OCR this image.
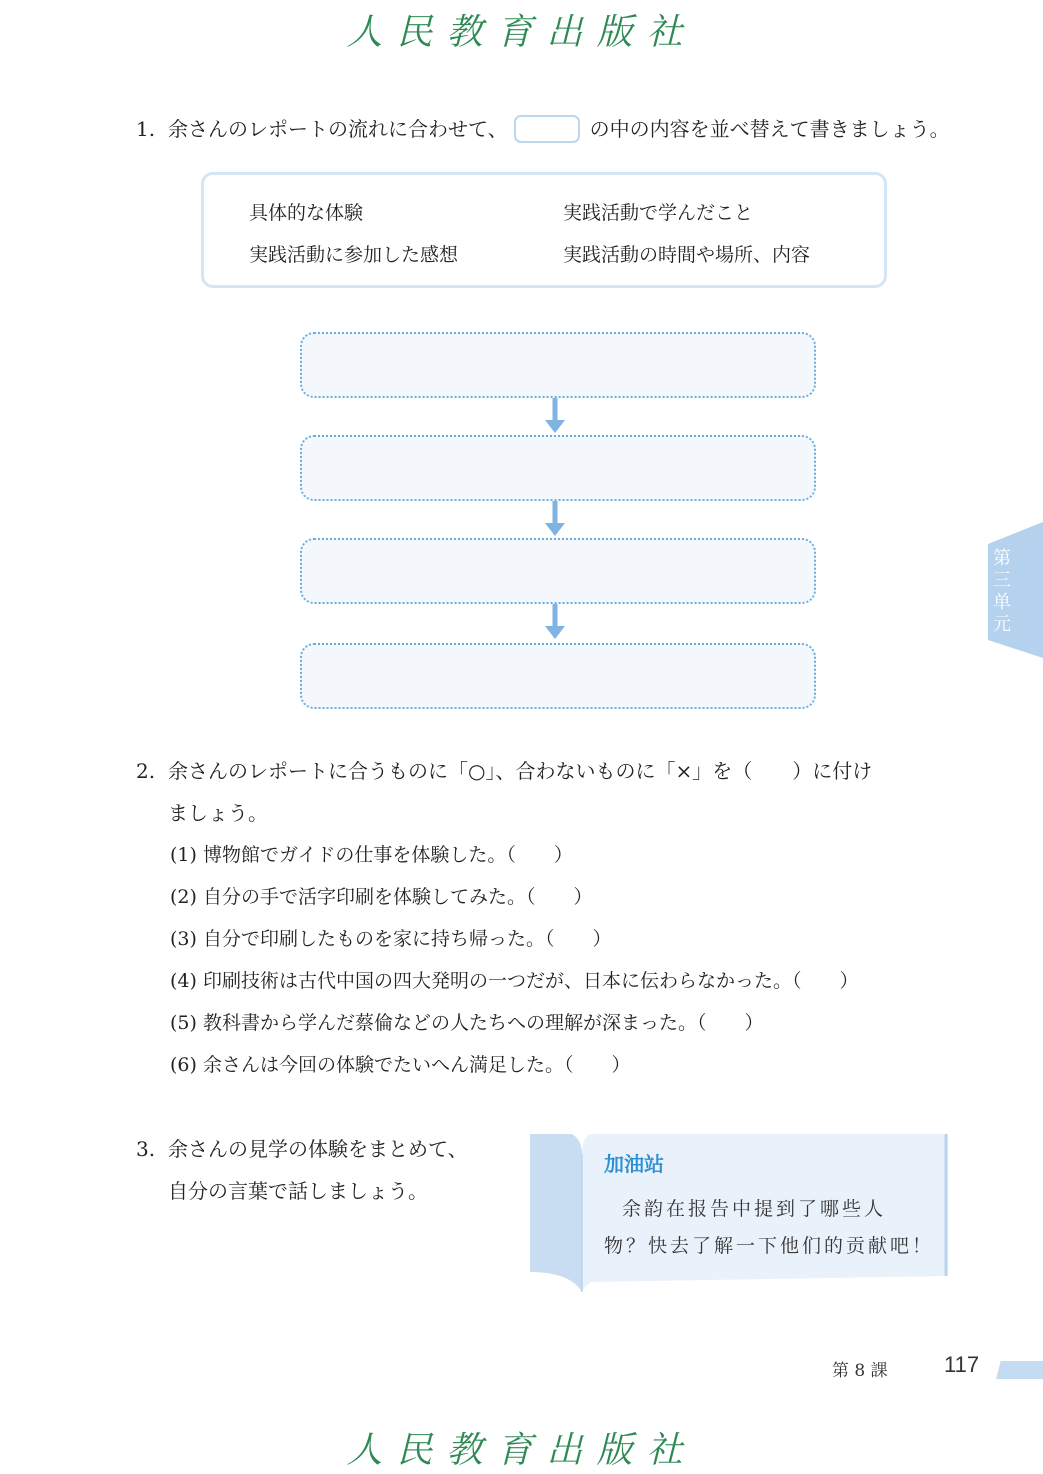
人民教育出版社
1. 余さんのレポートの流れに合わせて、	の中の内容を並べ替えて書きましょう。
具体的な体験	実践活動で学んだこと
実践活動に参加した感想	実践活動の時間や場所、内容
2. 余さんのレポートに合うものに「○」、合わないものに「×」を（　　）に付け
ましょう。
(1) 博物館でガイドの仕事を体験した。（　　）
(2) 自分の手で活字印刷を体験してみた。（　　）
(3) 自分で印刷したものを家に持ち帰った。（　　）
(4) 印刷技術は古代中国の四大発明の一つだが、日本に伝わらなかった。（　　）
(5) 教科書から学んだ蔡倫などの人たちへの理解が深まった。（　　）
(6) 余さんは今回の体験でたいへん満足した。（　　）
3. 余さんの見学の体験をまとめて、
自分の言葉で話しましょう。
加油站
余韵在报告中提到了哪些人
物？快去了解一下他们的贡献吧！
第三单元
第 8 課	117
人民教育出版社
